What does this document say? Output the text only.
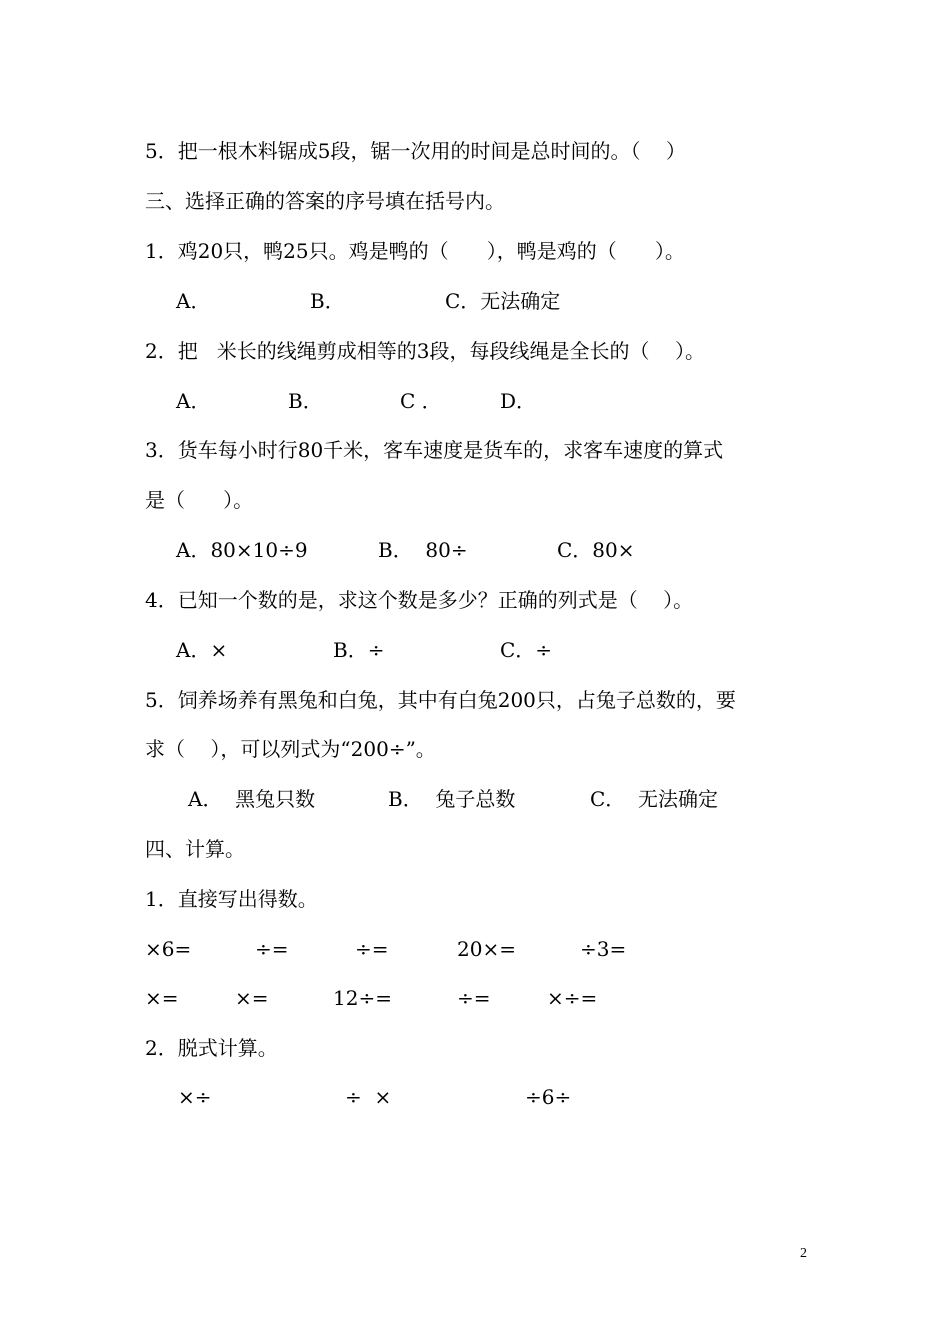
5．把一根木料锯成5段，锯一次用的时间是总时间的。（    ）
三、选择正确的答案的序号填在括号内。
1．鸡20只，鸭25只。鸡是鸭的（      ），鸭是鸡的（      ）。
A．	B．	C．无法确定
2．把   米长的线绳剪成相等的3段，每段线绳是全长的（    ）。
A．	B．	C ．	D．
3．货车每小时行80千米，客车速度是货车的，求客车速度的算式
是（      ）。
A．80×10÷9	B．  80÷	C．80×
4．已知一个数的是，求这个数是多少？正确的列式是（    ）。
A．×	B．÷	C．÷
5．饲养场养有黑兔和白兔，其中有白兔200只，占兔子总数的，要
求（    ），可以列式为“200÷”。
A．  黑兔只数	B．  兔子总数	C．  无法确定
四、计算。
1．直接写出得数。
×6=	÷=	÷=	20×=	÷3=
×=	×=	12÷=	÷=	×÷=
2．脱式计算。
×÷	÷  ×	÷6÷
2
